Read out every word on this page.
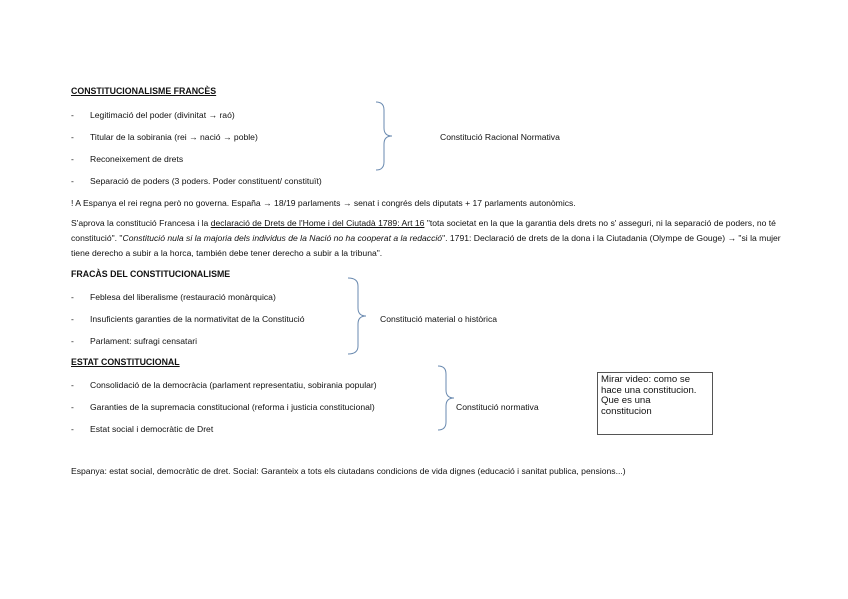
CONSTITUCIONALISME FRANCÈS
- Legitimació del poder (divinitat → raó)
- Titular de la sobirania (rei → nació → poble)
- Reconeixement de drets
- Separació de poders (3 poders. Poder constituent/ constituït)
Constitució Racional Normativa
! A Espanya el rei regna però no governa. España → 18/19 parlaments → senat i congrés dels diputats + 17 parlaments autonòmics.
S'aprova la constitució Francesa i la declaració de Drets de l'Home i del Ciutadà 1789: Art 16 "tota societat en la que la garantia dels drets no s' asseguri, ni la separació de poders, no té constitució". "Constitució nula si la majoria dels individus de la Nació no ha cooperat a la redacció". 1791: Declaració de drets de la dona i la Ciutadania (Olympe de Gouge) → "si la mujer tiene derecho a subir a la horca, también debe tener derecho a subir a la tribuna".
FRACÀS DEL CONSTITUCIONALISME
- Feblesa del liberalisme (restauració monàrquica)
- Insuficients garanties de la normativitat de la Constitució
- Parlament: sufragi censatari
Constitució material o històrica
ESTAT CONSTITUCIONAL
- Consolidació de la democràcia (parlament representatiu, sobirania popular)
- Garanties de la supremacia constitucional (reforma i justicia constitucional)
- Estat social i democràtic de Dret
Constitució normativa
Mirar video: como se
hace una constitucion.
Que es una
constitucion
Espanya: estat social, democràtic de dret. Social: Garanteix a tots els ciutadans condicions de vida dignes (educació i sanitat publica, pensions...)
